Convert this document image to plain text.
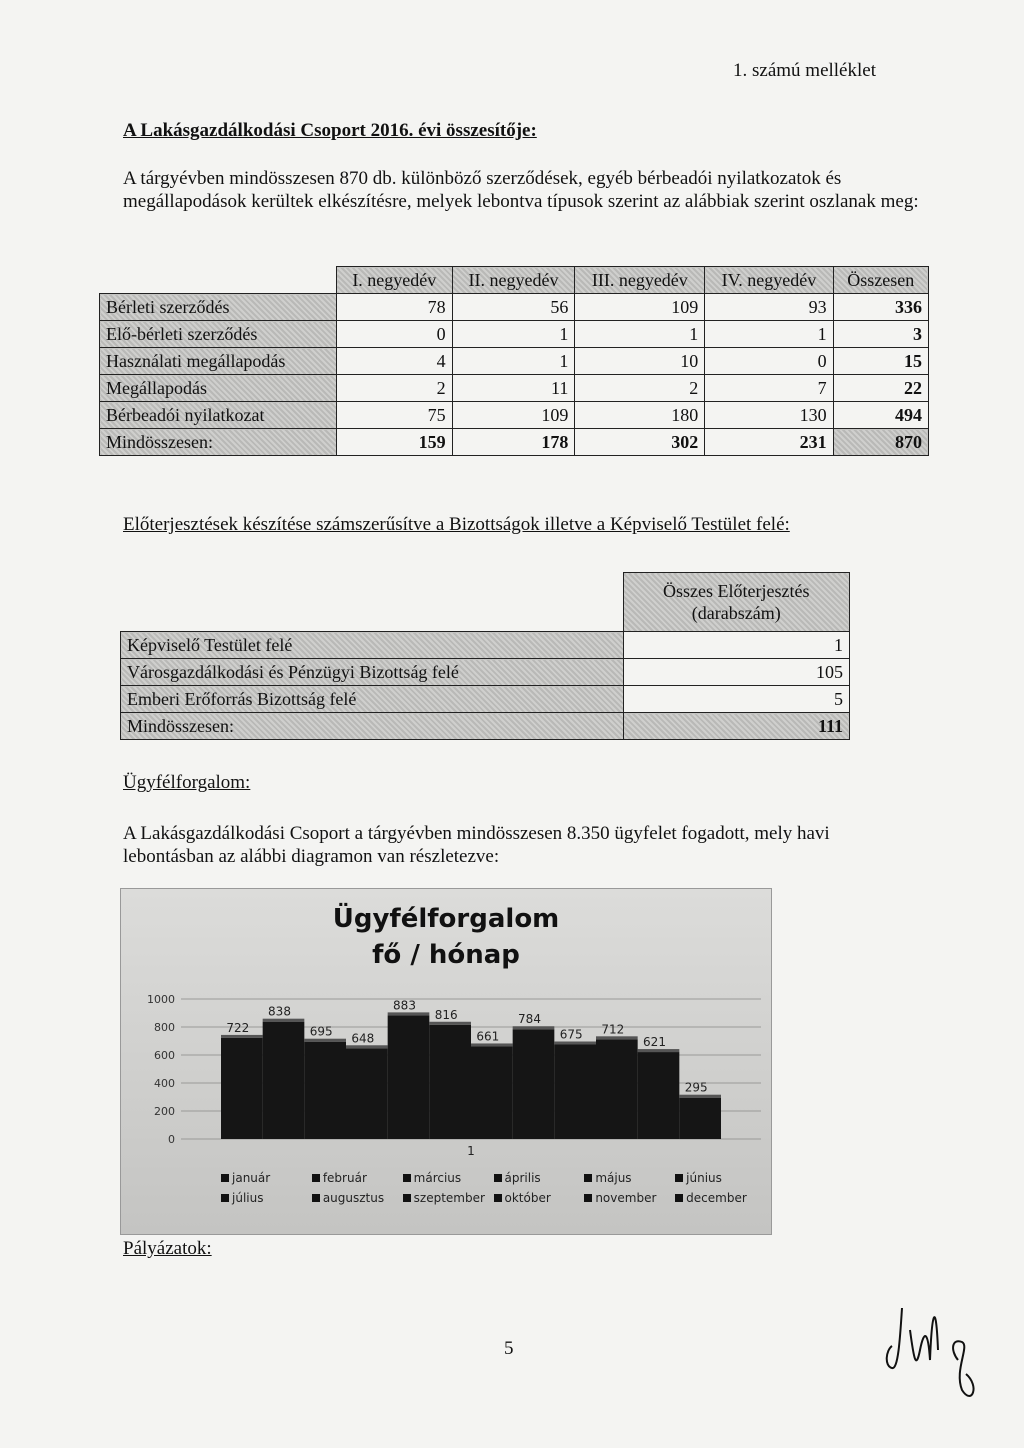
1. számú melléklet
A Lakásgazdálkodási Csoport 2016. évi összesítője:
A tárgyévben mindösszesen 870 db. különböző szerződések, egyéb bérbeadói nyilatkozatok és megállapodások kerültek elkészítésre, melyek lebontva típusok szerint az alábbiak szerint oszlanak meg:
	I. negyedév	II. negyedév	III. negyedév	IV. negyedév	Összesen
Bérleti szerződés	78	56	109	93	336
Elő-bérleti szerződés	0	1	1	1	3
Használati megállapodás	4	1	10	0	15
Megállapodás	2	11	2	7	22
Bérbeadói nyilatkozat	75	109	180	130	494
Mindösszesen:	159	178	302	231	870
Előterjesztések készítése számszerűsítve a Bizottságok illetve a Képviselő Testület felé:
	Összes Előterjesztés (darabszám)
Képviselő Testület felé	1
Városgazdálkodási és Pénzügyi Bizottság felé	105
Emberi Erőforrás Bizottság felé	5
Mindösszesen:	111
Ügyfélforgalom:
A Lakásgazdálkodási Csoport a tárgyévben mindösszesen 8.350 ügyfelet fogadott, mely havi lebontásban az alábbi diagramon van részletezve:
Ügyfélforgalom
fő / hónap
0
200
400
600
800
1000
722
838
695 648
883
816
661
784
675 712
621
295
1
január	február	március	április	május	június
július	augusztus	szeptember	október	november	december
Pályázatok:
5
